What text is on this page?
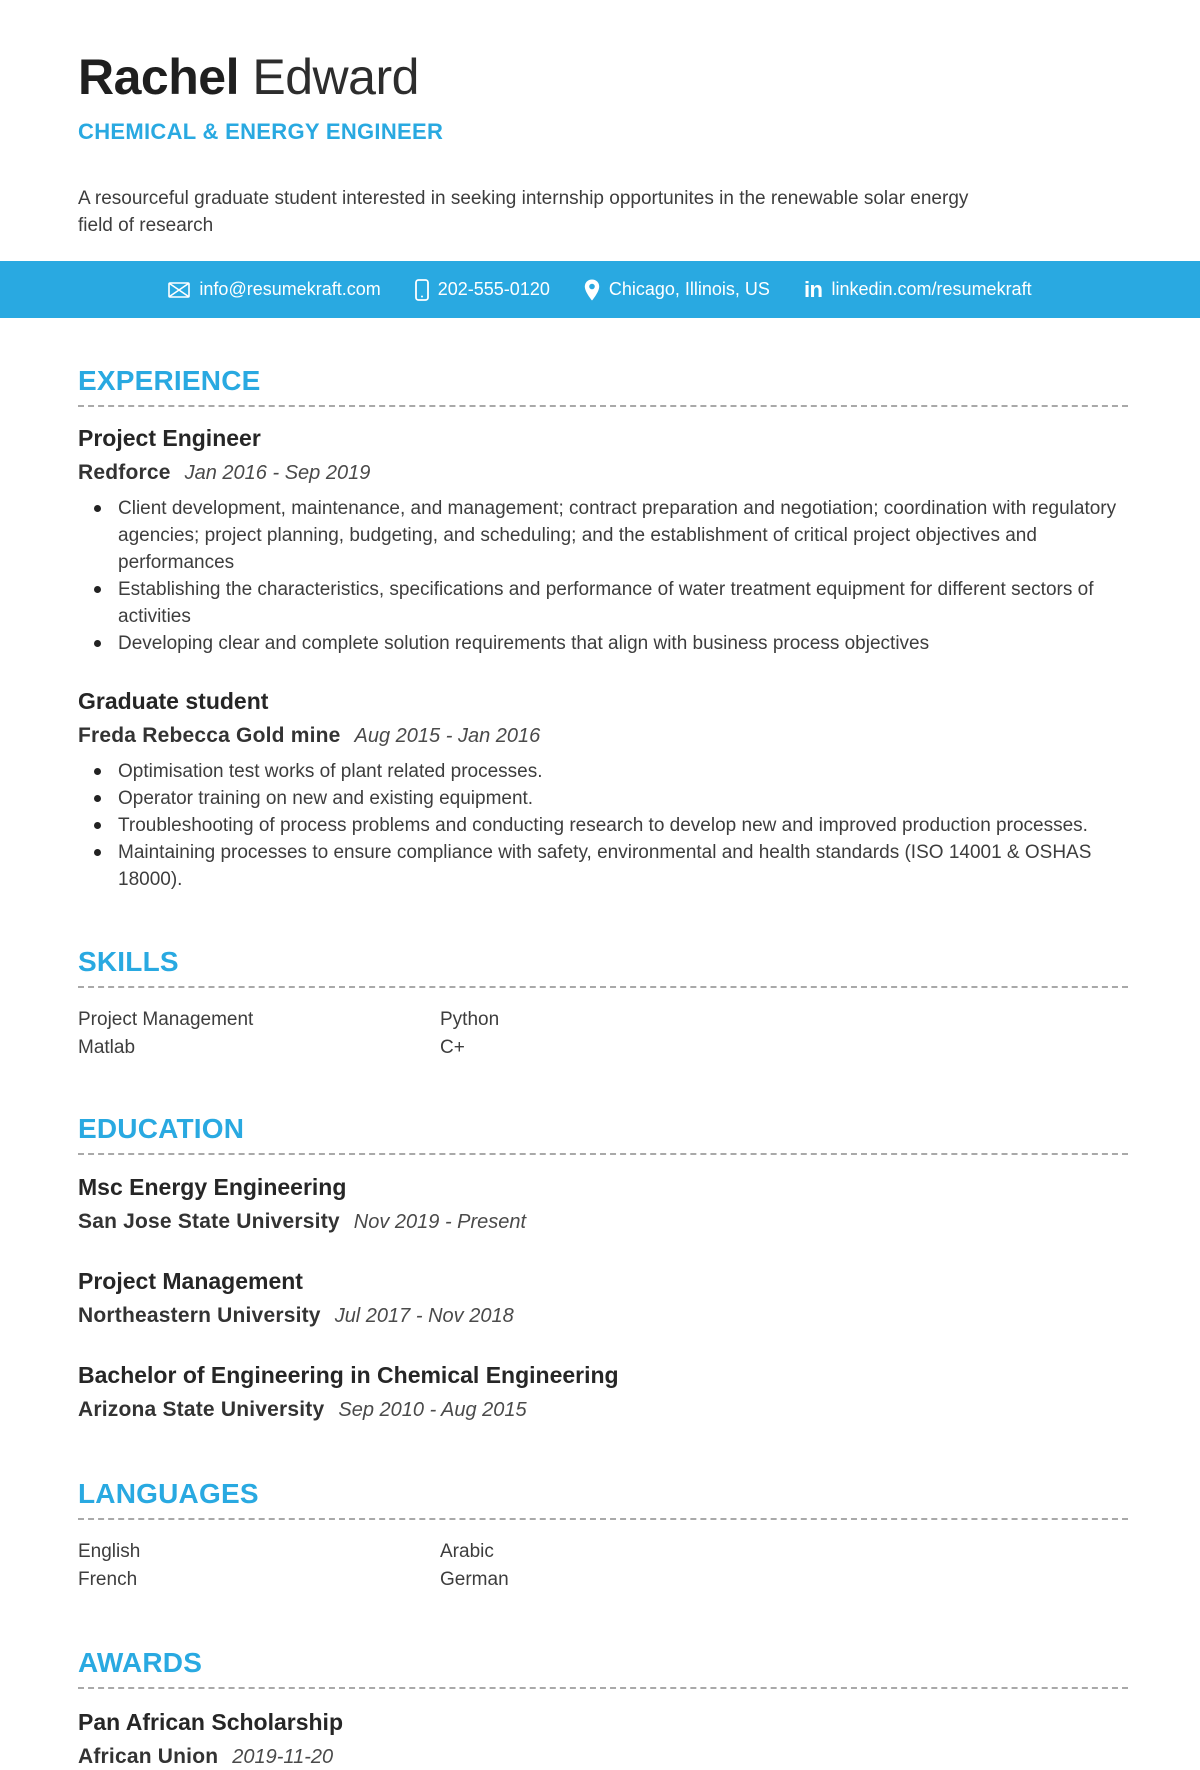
Rachel Edward
CHEMICAL & ENERGY ENGINEER

A resourceful graduate student interested in seeking internship opportunites in the renewable solar energy
field of research

info@resumekraft.com	202-555-0120	Chicago, Illinois, US in linkedin.com/resumekraft
EXPERIENCE
Project Engineer
Redforce Jan 2016 - Sep 2019
Client development, maintenance, and management; contract preparation and negotiation; coordination with regulatory agencies; project planning, budgeting, and scheduling; and the establishment of critical project objectives and performances
Establishing the characteristics, specifications and performance of water treatment equipment for different sectors of activities
Developing clear and complete solution requirements that align with business process objectives
Graduate student
Freda Rebecca Gold mine Aug 2015 - Jan 2016
Optimisation test works of plant related processes.
Operator training on new and existing equipment.
Troubleshooting of process problems and conducting research to develop new and improved production processes.
Maintaining processes to ensure compliance with safety, environmental and health standards (ISO 14001 & OSHAS 18000).
SKILLS
Project Management
Matlab
Python
C+
EDUCATION
Msc Energy Engineering
San Jose State University Nov 2019 - Present
Project Management
Northeastern University Jul 2017 - Nov 2018
Bachelor of Engineering in Chemical Engineering
Arizona State University Sep 2010 - Aug 2015
LANGUAGES
English
French
Arabic
German
AWARDS
Pan African Scholarship
African Union 2019-11-20
